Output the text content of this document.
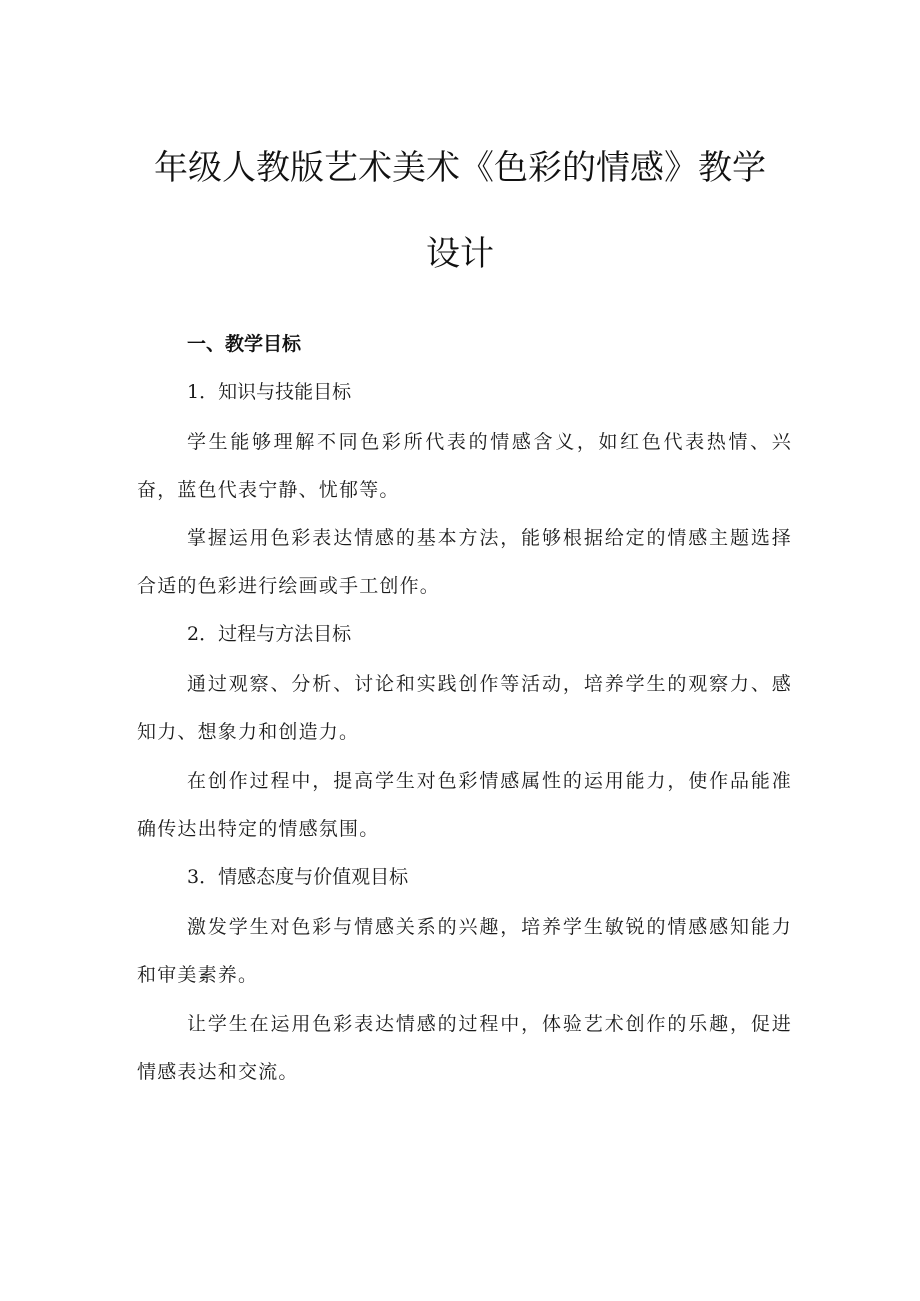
年级人教版艺术美术《色彩的情感》教学
设计
一、教学目标
1．知识与技能目标
学生能够理解不同色彩所代表的情感含义，如红色代表热情、兴奋，蓝色代表宁静、忧郁等。
掌握运用色彩表达情感的基本方法，能够根据给定的情感主题选择合适的色彩进行绘画或手工创作。
2．过程与方法目标
通过观察、分析、讨论和实践创作等活动，培养学生的观察力、感知力、想象力和创造力。
在创作过程中，提高学生对色彩情感属性的运用能力，使作品能准确传达出特定的情感氛围。
3．情感态度与价值观目标
激发学生对色彩与情感关系的兴趣，培养学生敏锐的情感感知能力和审美素养。
让学生在运用色彩表达情感的过程中，体验艺术创作的乐趣，促进情感表达和交流。
